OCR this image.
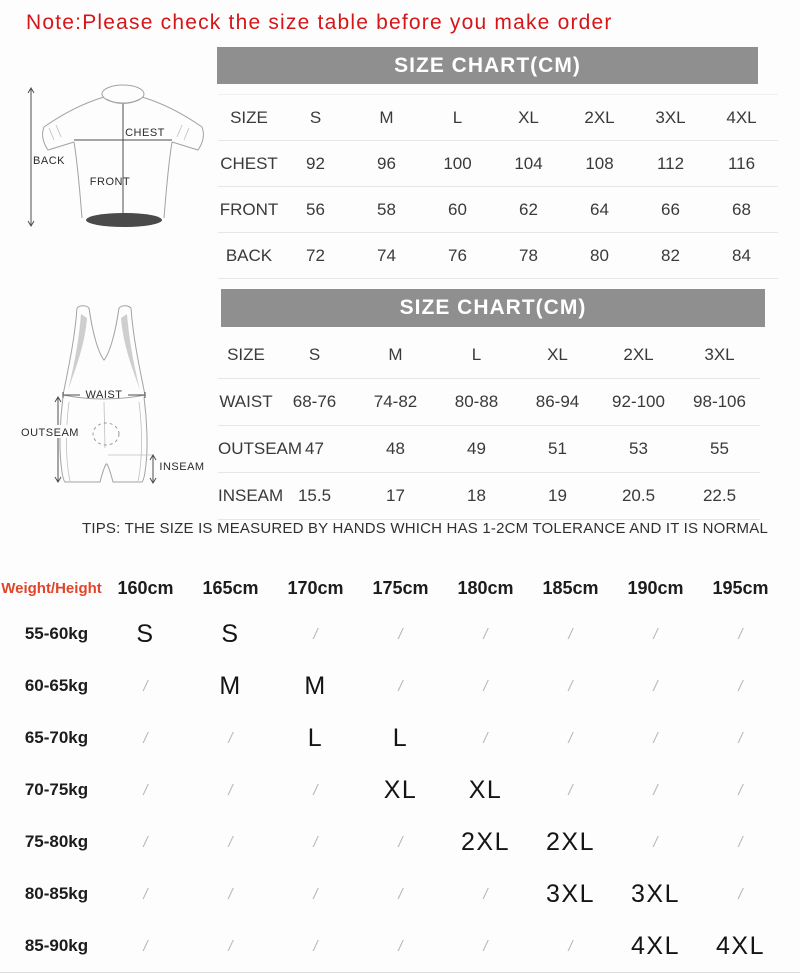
Note:Please check the size table before you make order
SIZE CHART(CM)
BACK
CHEST
FRONT
SIZE	S	M	L	XL	2XL	3XL	4XL
CHEST	92	96	100	104	108	112	116
FRONT	56	58	60	62	64	66	68
BACK	72	74	76	78	80	82	84
SIZE CHART(CM)
WAIST
OUTSEAM
INSEAM
SIZE	S	M	L	XL	2XL	3XL
WAIST	68-76	74-82	80-88	86-94	92-100	98-106
OUTSEAM 47	48	49	51	53	55
INSEAM 15.5	17	18	19	20.5	22.5
TIPS: THE SIZE IS MEASURED BY HANDS WHICH HAS 1-2CM TOLERANCE AND IT IS NORMAL
Weight/Height 160cm	165cm	170cm	175cm	180cm	185cm	190cm	195cm
55-60kg	S	S	/	/	/	/	/	/
60-65kg	/	M	M	/	/	/	/	/
65-70kg	/	/	L	L	/	/	/	/
70-75kg	/	/	/	XL	XL	/	/	/
75-80kg	/	/	/	/	2XL	2XL	/	/
80-85kg	/	/	/	/	/	3XL	3XL	/
85-90kg	/	/	/	/	/	/	4XL	4XL
